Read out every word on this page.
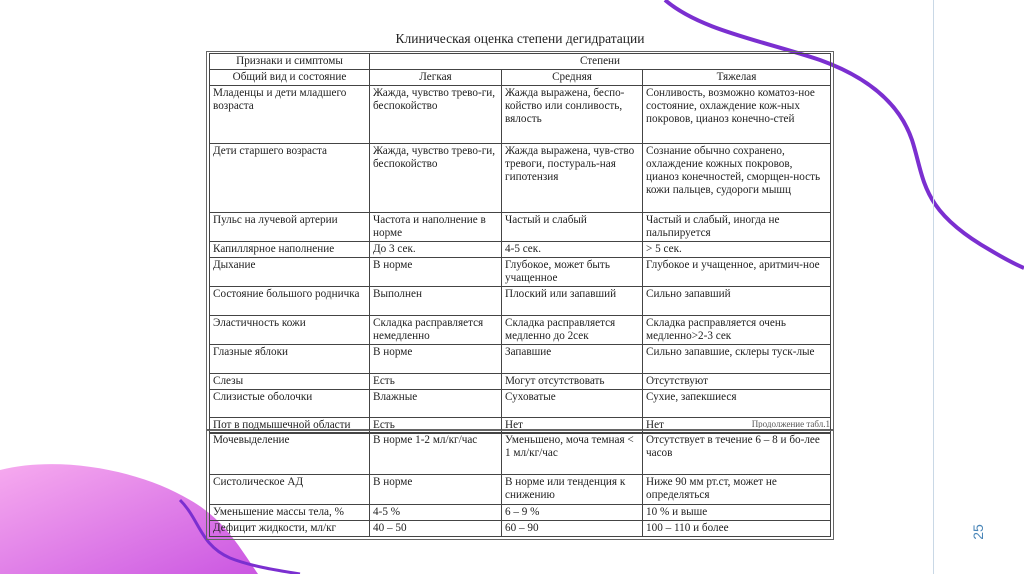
Клиническая оценка степени дегидратации
Признаки и симптомы	Степени		
Общий вид и состояние	Легкая	Средняя	Тяжелая
Младенцы и дети младшего возраста	Жажда, чувство трево-ги, беспокойство	Жажда выражена, беспо-койство или сонливость, вялость	Сонливость, возможно коматоз-ное состояние, охлаждение кож-ных покровов, цианоз конечно-стей
Дети старшего возраста	Жажда, чувство трево-ги, беспокойство	Жажда выражена, чув-ство тревоги, постураль-ная гипотензия	Сознание обычно сохранено, охлаждение кожных покровов, цианоз конечностей, сморщен-ность кожи пальцев, судороги мышц
Пульс на лучевой артерии	Частота и наполнение в норме	Частый и слабый	Частый и слабый, иногда не пальпируется
Капиллярное наполнение	До 3 сек.	4-5 сек.	> 5 сек.
Дыхание	В норме	Глубокое, может быть учащенное	Глубокое и учащенное, аритмич-ное
Состояние большого родничка	Выполнен	Плоский или запавший	Сильно запавший
Эластичность кожи	Складка расправляется немедленно	Складка расправляется медленно до 2сек	Складка расправляется очень медленно>2-3 сек
Глазные яблоки	В норме	Запавшие	Сильно запавшие, склеры туск-лые
Слезы	Есть	Могут отсутствовать	Отсутствуют
Слизистые оболочки	Влажные	Суховатые	Сухие, запекшиеся
Пот в подмышечной области	Есть	Нет	Нет	Продолжение табл.1
Мочевыделение	В норме 1-2 мл/кг/час	Уменьшено, моча темная < 1 мл/кг/час	Отсутствует в течение 6 – 8 и бо-лее часов
Систолическое АД	В норме	В норме или тенденция к снижению	Ниже 90 мм рт.ст, может не определяться
Уменьшение массы тела, %	4-5 %	6 – 9 %	10 % и выше
Дефицит жидкости, мл/кг	40 – 50	60 – 90	100 – 110 и более	25
